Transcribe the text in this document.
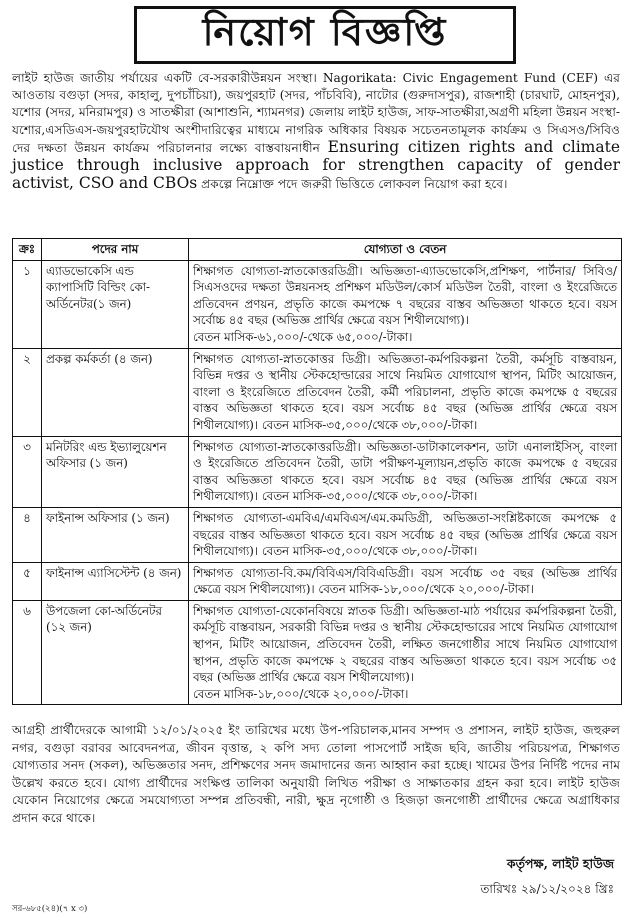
নিয়োগ বিজ্ঞপ্তি

লাইট হাউজ জাতীয় পর্যায়ের একটি বে-সরকারীউন্নয়ন সংস্থা। Nagorikata: Civic Engagement Fund (CEF) এর আওতায় বগুড়া (সদর, কাহালু, দুপচাঁচিয়া), জয়পুরহাট (সদর, পাঁচবিবি), নাটোর (গুরুদাসপুর), রাজশাহী (চারঘাট, মোহনপুর), যশোর (সদর, মনিরামপুর) ও সাতক্ষীরা (আশাশুনি, শ্যামনগর) জেলায় লাইট হাউজ, সাফ-সাতক্ষীরা,অগ্রণী মহিলা উন্নয়ন সংস্থা-যশোর,এসডিএস-জয়পুরহাটযৌথ অংশীদারিত্বের মাধ্যমে নাগরিক অধিকার বিষয়ক সচেতনতামূলক কার্যক্রম ও সিএসও/সিবিও দের দক্ষতা উন্নয়ন কার্যক্রম পরিচালনার লক্ষ্যে বাস্তবায়নাধীন Ensuring citizen rights and climate justice through inclusive approach for strengthen capacity of gender activist, CSO and CBOs প্রকল্পে নিম্নোক্ত পদে জরুরী ভিত্তিতে লোকবল নিয়োগ করা হবে।

ক্রঃ	পদের নাম	যোগ্যতা ও বেতন
১	এ্যাডভোকেসি এন্ড ক্যাপাসিটি বিল্ডিং কো-অর্ডিনেটর(১ জন)	শিক্ষাগত যোগ্যতা-স্নাতকোত্তরডিগ্রী। অভিজ্ঞতা-এ্যাডভোকেসি,প্রশিক্ষণ, পার্টনার/ সিবিও/ সিএসওদের দক্ষতা উন্নয়নসহ প্রশিক্ষণ মডিউল/কোর্স মডিউল তৈরী, বাংলা ও ইংরেজিতে প্রতিবেদন প্রণয়ন, প্রভৃতি কাজে কমপক্ষে ৭ বছরের বাস্তব অভিজ্ঞতা থাকতে হবে। বয়স সর্বোচ্চ ৪৫ বছর (অভিজ্ঞ প্রার্থির ক্ষেত্রে বয়স শিথীলযোগ্য)।
বেতন মাসিক-৬১,০০০/-থেকে ৬৫,০০০/-টাকা।
২	প্রকল্প কর্মকর্তা (৪ জন)	শিক্ষাগত যোগ্যতা-স্নাতকোত্তর ডিগ্রী। অভিজ্ঞতা-কর্মপরিকল্পনা তৈরী, কর্মসূচি বাস্তবায়ন, বিভিন্ন দপ্তর ও স্থানীয় স্টেকহোল্ডারের সাথে নিয়মিত যোগাযোগ স্থাপন, মিটিং আয়োজন, বাংলা ও ইংরেজিতে প্রতিবেদন তৈরী, কর্মী পরিচালনা, প্রভৃতি কাজে কমপক্ষে ৫ বছরের বাস্তব অভিজ্ঞতা থাকতে হবে। বয়স সর্বোচ্চ ৪৫ বছর (অভিজ্ঞ প্রার্থির ক্ষেত্রে বয়স শিথীলযোগ্য)। বেতন মাসিক-৩৫,০০০/থেকে ৩৮,০০০/-টাকা।
৩	মনিটরিং এন্ড ইভ্যালুয়েশন অফিসার (১ জন)	শিক্ষাগত যোগ্যতা-স্নাতকোত্তরডিগ্রী। অভিজ্ঞতা-ডাটাকালেকশন, ডাটা এনালাইসিস্, বাংলা ও ইংরেজিতে প্রতিবেদন তৈরী, ডাটা পরীক্ষণ-মূল্যায়ন,প্রভৃতি কাজে কমপক্ষে ৫ বছরের বাস্তব অভিজ্ঞতা থাকতে হবে। বয়স সর্বোচ্চ ৪৫ বছর (অভিজ্ঞ প্রার্থির ক্ষেত্রে বয়স শিথীলযোগ্য)। বেতন মাসিক-৩৫,০০০/থেকে ৩৮,০০০/-টাকা।
৪	ফাইনান্স অফিসার (১ জন)	শিক্ষাগত যোগ্যতা-এমবিএ/এমবিএস/এম.কমডিগ্রী, অভিজ্ঞতা-সংশ্লিষ্টকাজে কমপক্ষে ৫ বছরের বাস্তব অভিজ্ঞতা থাকতে হবে। বয়স সর্বোচ্চ ৪৫ বছর (অভিজ্ঞ প্রার্থির ক্ষেত্রে বয়স শিথীলযোগ্য)। বেতন মাসিক-৩৫,০০০/থেকে ৩৮,০০০/-টাকা।
৫	ফাইনান্স এ্যাসিস্টেন্ট (৪ জন)	শিক্ষাগত যোগ্যতা-বি.কম/বিবিএস/বিবিএডিগ্রী। বয়স সর্বোচ্চ ৩৫ বছর (অভিজ্ঞ প্রার্থির ক্ষেত্রে বয়স শিথীলযোগ্য)। বেতন মাসিক-১৮,০০০/থেকে ২০,০০০/-টাকা।
৬	উপজেলা কো-অর্ডিনেটর (১২ জন)	শিক্ষাগত যোগ্যতা-যেকোনবিষয়ে স্নাতক ডিগ্রী। অভিজ্ঞতা-মাঠ পর্যায়ের কর্মপরিকল্পনা তৈরী, কর্মসূচি বাস্তবায়ন, সরকারী বিভিন্ন দপ্তর ও স্থানীয় স্টেকহোল্ডারের সাথে নিয়মিত যোগাযোগ স্থাপন, মিটিং আয়োজন, প্রতিবেদন তৈরী, লক্ষিত জনগোষ্ঠীর সাথে নিয়মিত যোগাযোগ স্থাপন, প্রভৃতি কাজে কমপক্ষে ২ বছরের বাস্তব অভিজ্ঞতা থাকতে হবে। বয়স সর্বোচ্চ ৩৫ বছর (অভিজ্ঞ প্রার্থির ক্ষেত্রে বয়স শিথীলযোগ্য)।
বেতন মাসিক-১৮,০০০/থেকে ২০,০০০/-টাকা।

আগ্রহী প্রার্থীদেরকে আগামী ১২/০১/২০২৫ ইং তারিখের মধ্যে উপ-পরিচালক,মানব সম্পদ ও প্রশাসন, লাইট হাউজ, জহুরুল নগর, বগুড়া বরাবর আবেদনপত্র, জীবন বৃত্তান্ত, ২ কপি সদ্য তোলা পাসপোর্ট সাইজ ছবি, জাতীয় পরিচয়পত্র, শিক্ষাগত যোগ্যতার সনদ (সকল), অভিজ্ঞতার সনদ, প্রশিক্ষণের সনদ জমাদানের জন্য আহ্বান করা হচ্ছে। খামের উপর নির্দিষ্ট পদের নাম উল্লেখ করতে হবে। যোগ্য প্রার্থীদের সংক্ষিপ্ত তালিকা অনুযায়ী লিখিত পরীক্ষা ও সাক্ষাতকার গ্রহন করা হবে। লাইট হাউজ যেকোন নিয়োগের ক্ষেত্রে সমযোগ্যতা সম্পন্ন প্রতিবন্ধী, নারী, ক্ষুদ্র নৃগোষ্ঠী ও হিজড়া জনগোষ্ঠী প্রার্থীদের ক্ষেত্রে অগ্রাধিকার প্রদান করে থাকে।

কর্তৃপক্ষ, লাইট হাউজ
তারিখঃ ২৯/১২/২০২৪ খ্রিঃ
সর-৬৮৫(২৪)(৭ x ৩)
